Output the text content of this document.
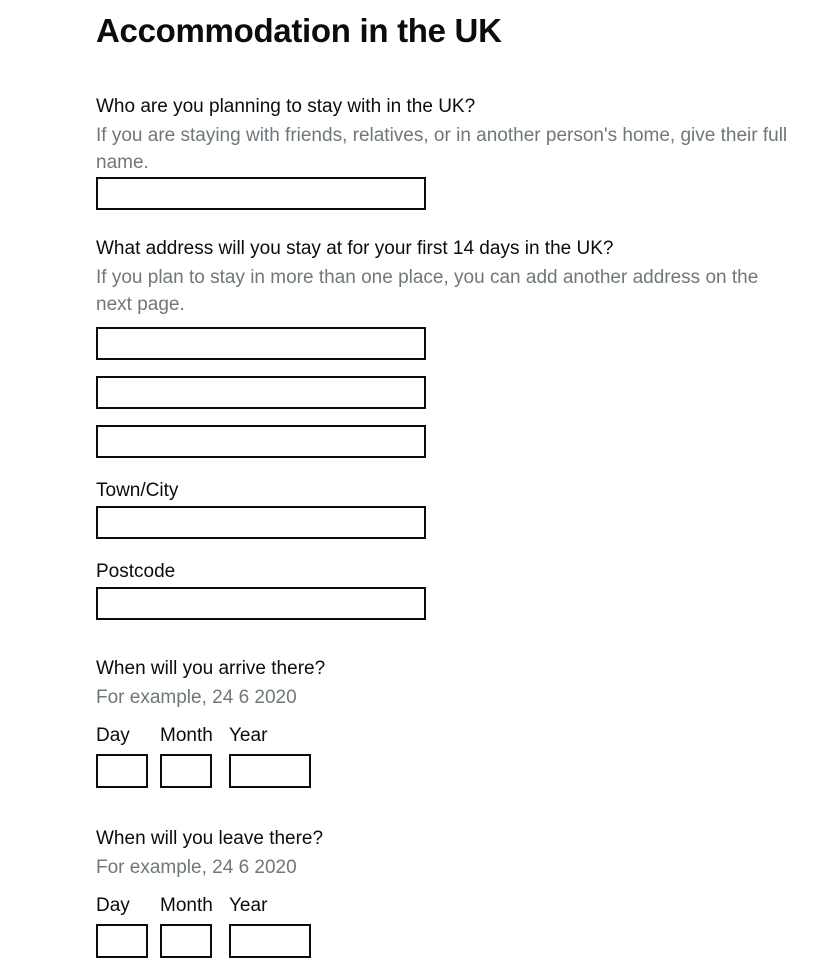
Accommodation in the UK
Who are you planning to stay with in the UK?
If you are staying with friends, relatives, or in another person's home, give their full name.
What address will you stay at for your first 14 days in the UK?
If you plan to stay in more than one place, you can add another address on the next page.
Town/City
Postcode
When will you arrive there?
For example, 24 6 2020
Day
	Month
Year
When will you leave there?
For example, 24 6 2020
Day
	Month
Year
